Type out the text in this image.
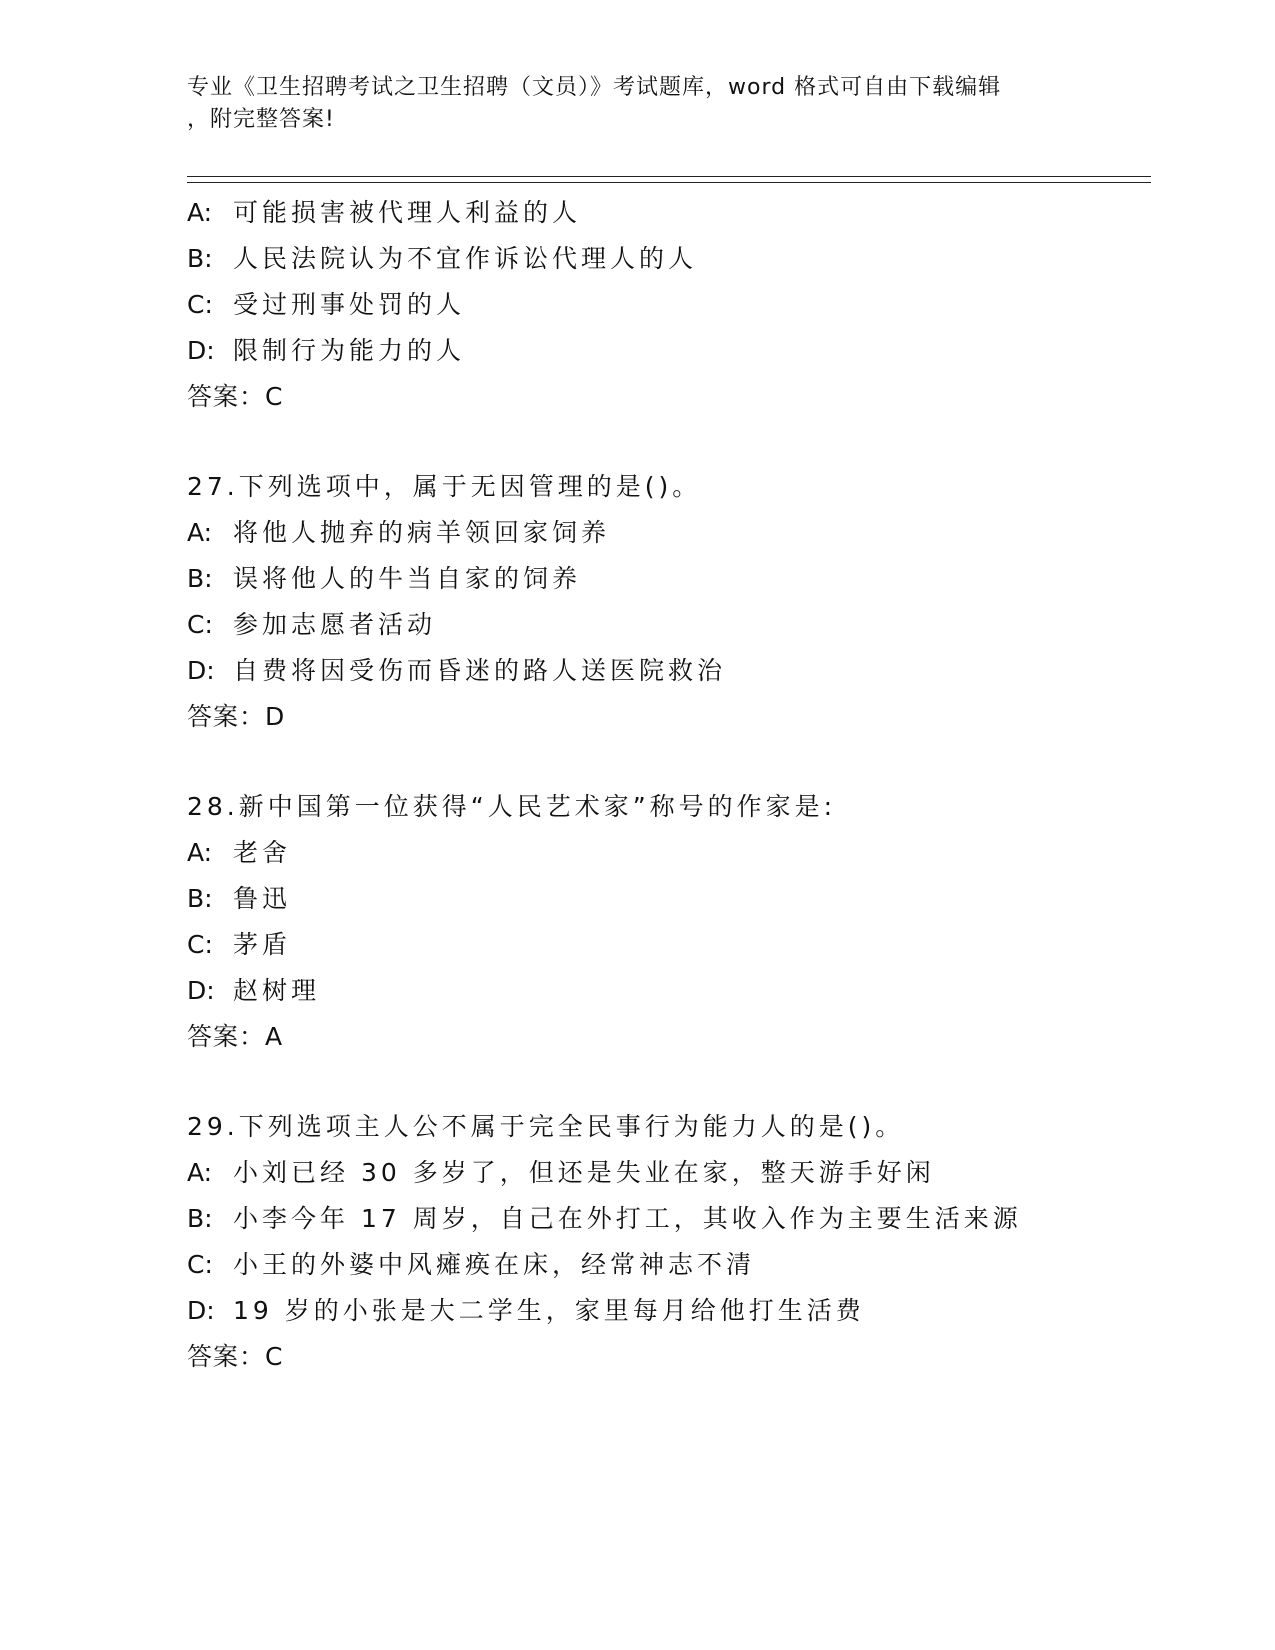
专业《卫生招聘考试之卫生招聘（文员）》考试题库，word 格式可自由下载编辑
，附完整答案!
A: 可能损害被代理人利益的人
B: 人民法院认为不宜作诉讼代理人的人
C: 受过刑事处罚的人
D: 限制行为能力的人
答案：C
27.下列选项中，属于无因管理的是()。
A: 将他人抛弃的病羊领回家饲养
B: 误将他人的牛当自家的饲养
C: 参加志愿者活动
D: 自费将因受伤而昏迷的路人送医院救治
答案：D
28.新中国第一位获得“人民艺术家”称号的作家是:
A: 老舍
B: 鲁迅
C: 茅盾
D: 赵树理
答案：A
29.下列选项主人公不属于完全民事行为能力人的是()。
A: 小刘已经 30 多岁了，但还是失业在家，整天游手好闲
B: 小李今年 17 周岁，自己在外打工，其收入作为主要生活来源
C: 小王的外婆中风瘫痪在床，经常神志不清
D: 19 岁的小张是大二学生，家里每月给他打生活费
答案：C
